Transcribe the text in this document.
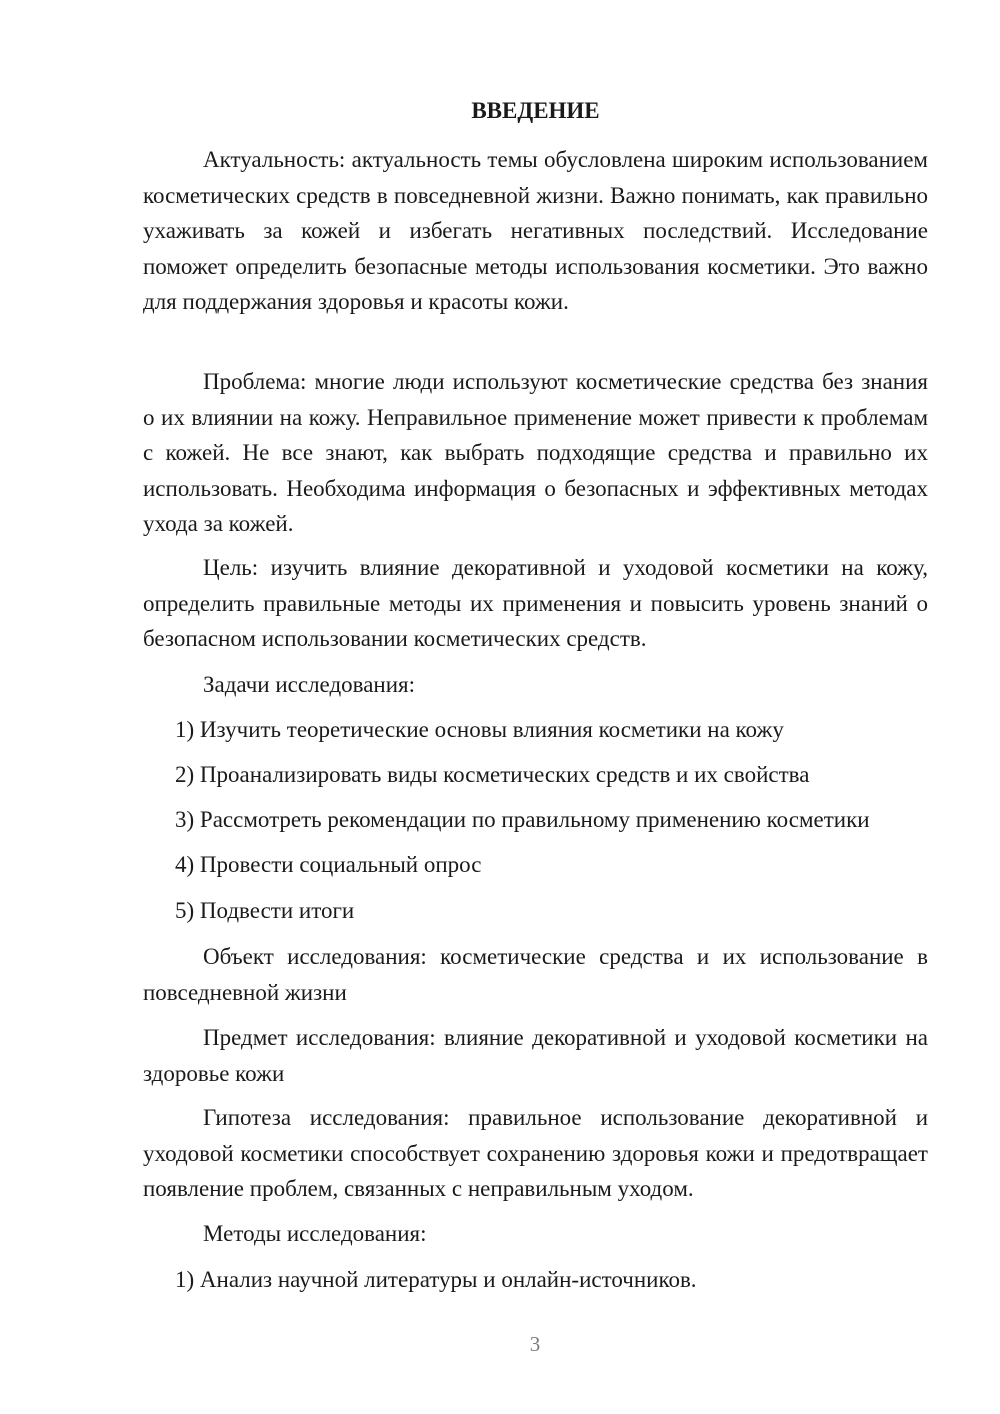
ВВЕДЕНИЕ

Актуальность: актуальность темы обусловлена широким использованием косметических средств в повседневной жизни. Важно понимать, как правильно ухаживать за кожей и избегать негативных последствий. Исследование поможет определить безопасные методы использования косметики. Это важно для поддержания здоровья и красоты кожи.

Проблема: многие люди используют косметические средства без знания о их влиянии на кожу. Неправильное применение может привести к проблемам с кожей. Не все знают, как выбрать подходящие средства и правильно их использовать. Необходима информация о безопасных и эффективных методах ухода за кожей.

Цель: изучить влияние декоративной и уходовой косметики на кожу, определить правильные методы их применения и повысить уровень знаний о безопасном использовании косметических средств.

Задачи исследования:

1) Изучить теоретические основы влияния косметики на кожу

2) Проанализировать виды косметических средств и их свойства

3) Рассмотреть рекомендации по правильному применению косметики

4) Провести социальный опрос

5) Подвести итоги

Объект исследования: косметические средства и их использование в повседневной жизни

Предмет исследования: влияние декоративной и уходовой косметики на здоровье кожи

Гипотеза исследования: правильное использование декоративной и уходовой косметики способствует сохранению здоровья кожи и предотвращает появление проблем, связанных с неправильным уходом.

Методы исследования:

1) Анализ научной литературы и онлайн-источников.

3
